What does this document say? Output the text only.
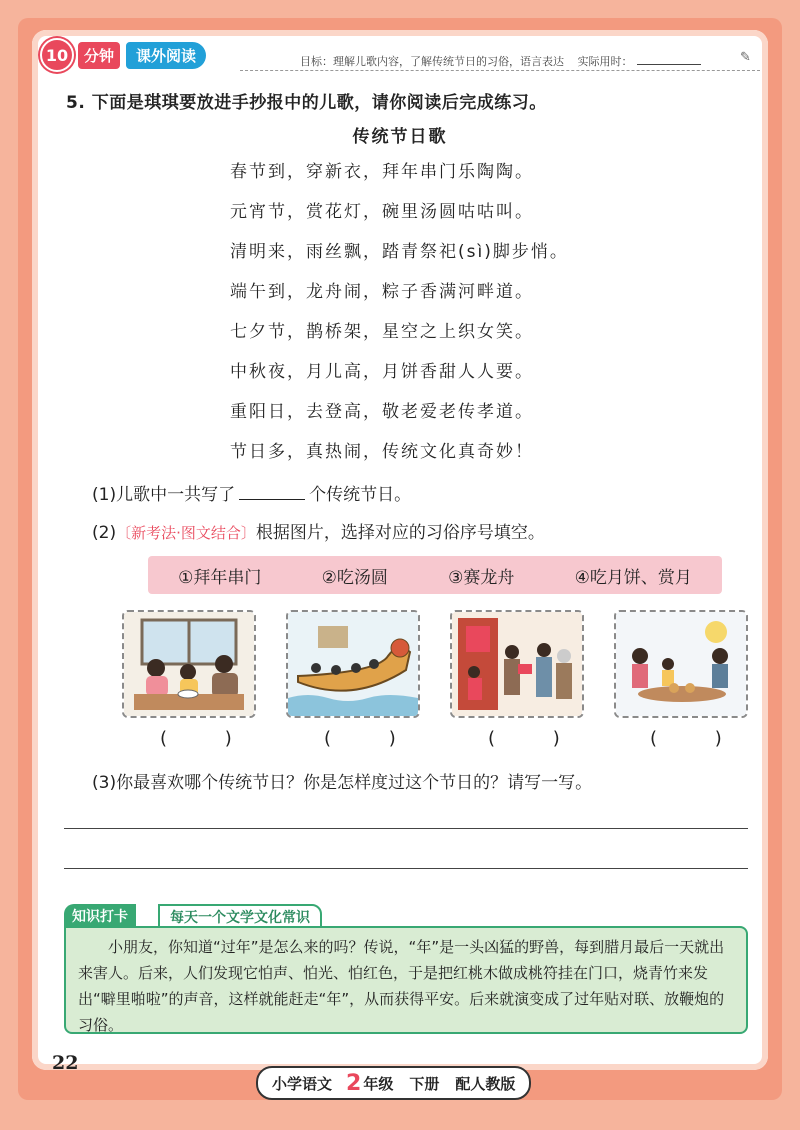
10	分钟	课外阅读	目标：理解儿歌内容，了解传统节日的习俗，语言表达 实际用时：	✎
5. 下面是琪琪要放进手抄报中的儿歌，请你阅读后完成练习。
传统节日歌
春节到，穿新衣，拜年串门乐陶陶。
元宵节，赏花灯，碗里汤圆咕咕叫。
清明来，雨丝飘，踏青祭祀(sì)脚步悄。
端午到，龙舟闹，粽子香满河畔道。
七夕节，鹊桥架，星空之上织女笑。
中秋夜，月儿高，月饼香甜人人要。
重阳日，去登高，敬老爱老传孝道。
节日多，真热闹，传统文化真奇妙！
(1)儿歌中一共写了	个传统节日。
(2)〔新考法·图文结合〕根据图片，选择对应的习俗序号填空。
①拜年串门	②吃汤圆	③赛龙舟	④吃月饼、赏月
( )	( )	( )	( )
(3)你最喜欢哪个传统节日？你是怎样度过这个节日的？请写一写。
知识打卡	每天一个文学文化常识
小朋友，你知道“过年”是怎么来的吗？传说，“年”是一头凶猛的野兽，每到腊月最后一天就出来害人。后来，人们发现它怕声、怕光、怕红色，于是把红桃木做成桃符挂在门口，烧青竹来发出“噼里啪啦”的声音，这样就能赶走“年”，从而获得平安。后来就演变成了过年贴对联、放鞭炮的习俗。
22
小学语文 2 年级 下册 配人教版
